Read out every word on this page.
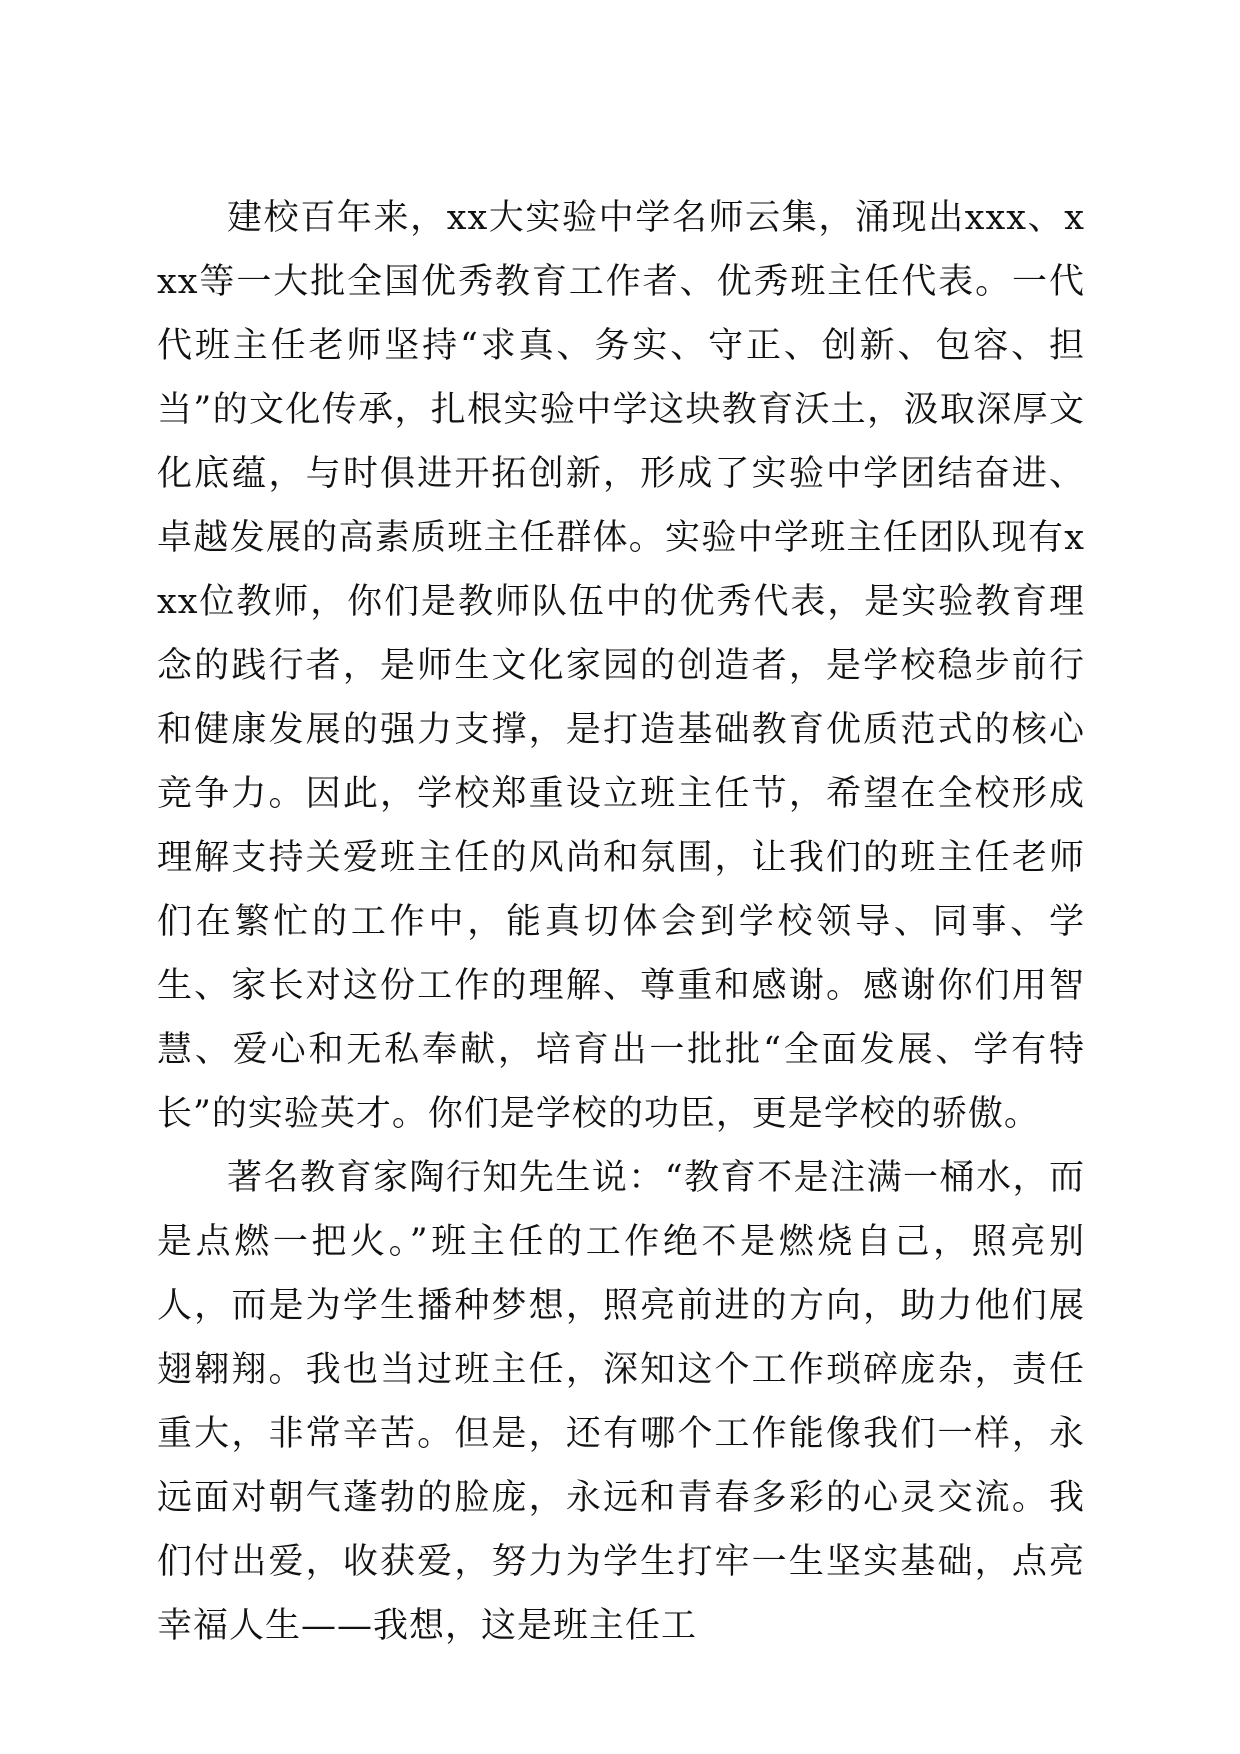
建校百年来，xx大实验中学名师云集，涌现出xxx、xxx等一大批全国优秀教育工作者、优秀班主任代表。一代代班主任老师坚持“求真、务实、守正、创新、包容、担当”的文化传承，扎根实验中学这块教育沃土，汲取深厚文化底蕴，与时俱进开拓创新，形成了实验中学团结奋进、卓越发展的高素质班主任群体。实验中学班主任团队现有xxx位教师，你们是教师队伍中的优秀代表，是实验教育理念的践行者，是师生文化家园的创造者，是学校稳步前行和健康发展的强力支撑，是打造基础教育优质范式的核心竞争力。因此，学校郑重设立班主任节，希望在全校形成理解支持关爱班主任的风尚和氛围，让我们的班主任老师们在繁忙的工作中，能真切体会到学校领导、同事、学生、家长对这份工作的理解、尊重和感谢。感谢你们用智慧、爱心和无私奉献，培育出一批批“全面发展、学有特长”的实验英才。你们是学校的功臣，更是学校的骄傲。

著名教育家陶行知先生说：“教育不是注满一桶水，而是点燃一把火。”班主任的工作绝不是燃烧自己，照亮别人，而是为学生播种梦想，照亮前进的方向，助力他们展翅翱翔。我也当过班主任，深知这个工作琐碎庞杂，责任重大，非常辛苦。但是，还有哪个工作能像我们一样，永远面对朝气蓬勃的脸庞，永远和青春多彩的心灵交流。我们付出爱，收获爱，努力为学生打牢一生坚实基础，点亮幸福人生——我想，这是班主任工
